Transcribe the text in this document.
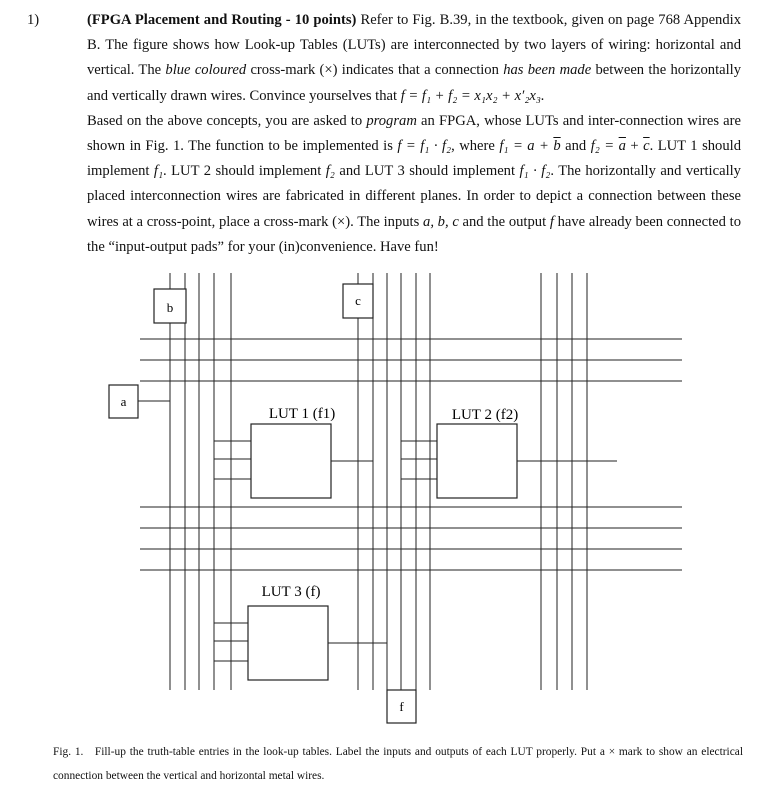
1)	(FPGA Placement and Routing - 10 points) Refer to Fig. B.39, in the textbook, given on page 768 Appendix B. The figure shows how Look-up Tables (LUTs) are interconnected by two layers of wiring: horizontal and vertical. The blue coloured cross-mark (×) indicates that a connection has been made between the horizontally and vertically drawn wires. Convince yourselves that f = f₁ + f₂ = x₁x₂ + x′₂x₃.

Based on the above concepts, you are asked to program an FPGA, whose LUTs and inter-connection wires are shown in Fig. 1. The function to be implemented is f = f₁ · f₂, where $f_1 = a + \overline{b}$ and $f_2 = \overline{a} + \overline{c}$. LUT 1 should implement f₁. LUT 2 should implement f₂ and LUT 3 should implement f₁ · f₂. The horizontally and vertically placed interconnection wires are fabricated in different planes. In order to depict a connection between these wires at a cross-point, place a cross-mark (×). The inputs a, b, c and the output f have already been connected to the “input-output pads” for your (in)convenience. Have fun!

LUT 1 (f1)	LUT 2 (f2)
LUT 3 (f)
a
b	c
f
Fig. 1. Fill-up the truth-table entries in the look-up tables. Label the inputs and outputs of each LUT properly. Put a × mark to show an electrical connection between the vertical and horizontal metal wires.
